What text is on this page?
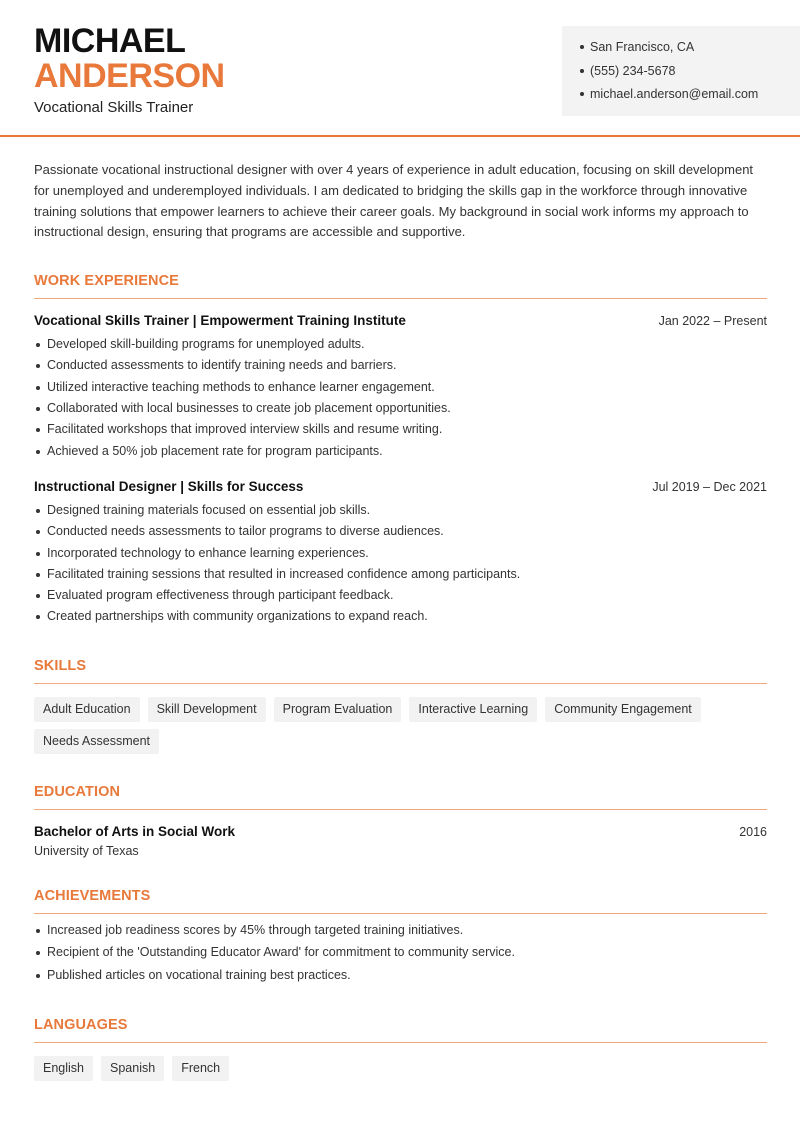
MICHAEL
ANDERSON
Vocational Skills Trainer
San Francisco, CA
(555) 234-5678
michael.anderson@email.com

Passionate vocational instructional designer with over 4 years of experience in adult education, focusing on skill development for unemployed and underemployed individuals. I am dedicated to bridging the skills gap in the workforce through innovative training solutions that empower learners to achieve their career goals. My background in social work informs my approach to instructional design, ensuring that programs are accessible and supportive.

WORK EXPERIENCE
Vocational Skills Trainer | Empowerment Training Institute	Jan 2022 – Present
Developed skill-building programs for unemployed adults.
Conducted assessments to identify training needs and barriers.
Utilized interactive teaching methods to enhance learner engagement.
Collaborated with local businesses to create job placement opportunities.
Facilitated workshops that improved interview skills and resume writing.
Achieved a 50% job placement rate for program participants.
Instructional Designer | Skills for Success	Jul 2019 – Dec 2021
Designed training materials focused on essential job skills.
Conducted needs assessments to tailor programs to diverse audiences.
Incorporated technology to enhance learning experiences.
Facilitated training sessions that resulted in increased confidence among participants.
Evaluated program effectiveness through participant feedback.
Created partnerships with community organizations to expand reach.
SKILLS
Adult Education	Skill Development	Program Evaluation	Interactive Learning	Community Engagement
Needs Assessment
EDUCATION
Bachelor of Arts in Social Work	2016
University of Texas
ACHIEVEMENTS
Increased job readiness scores by 45% through targeted training initiatives.
Recipient of the 'Outstanding Educator Award' for commitment to community service.
Published articles on vocational training best practices.
LANGUAGES
English	Spanish	French
